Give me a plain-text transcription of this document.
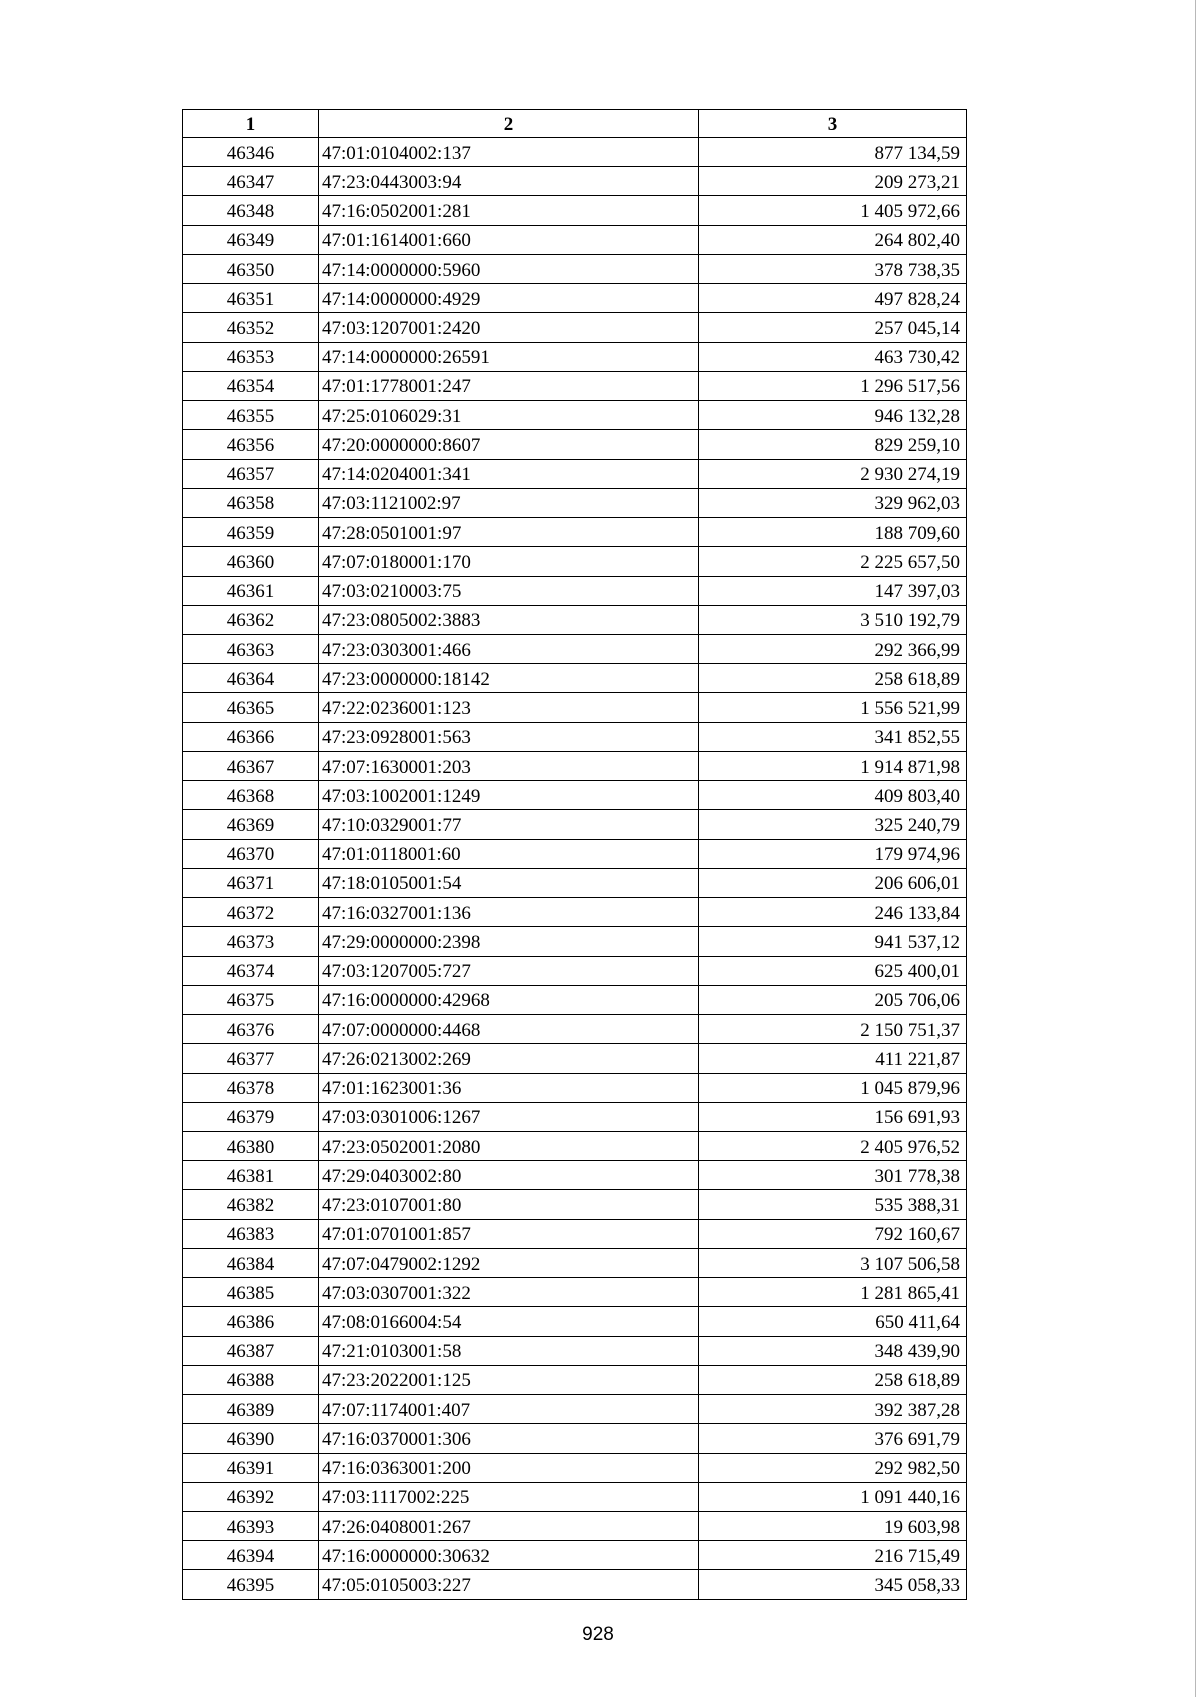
1	2	3
46346	47:01:0104002:137	877 134,59
46347	47:23:0443003:94	209 273,21
46348	47:16:0502001:281	1 405 972,66
46349	47:01:1614001:660	264 802,40
46350	47:14:0000000:5960	378 738,35
46351	47:14:0000000:4929	497 828,24
46352	47:03:1207001:2420	257 045,14
46353	47:14:0000000:26591	463 730,42
46354	47:01:1778001:247	1 296 517,56
46355	47:25:0106029:31	946 132,28
46356	47:20:0000000:8607	829 259,10
46357	47:14:0204001:341	2 930 274,19
46358	47:03:1121002:97	329 962,03
46359	47:28:0501001:97	188 709,60
46360	47:07:0180001:170	2 225 657,50
46361	47:03:0210003:75	147 397,03
46362	47:23:0805002:3883	3 510 192,79
46363	47:23:0303001:466	292 366,99
46364	47:23:0000000:18142	258 618,89
46365	47:22:0236001:123	1 556 521,99
46366	47:23:0928001:563	341 852,55
46367	47:07:1630001:203	1 914 871,98
46368	47:03:1002001:1249	409 803,40
46369	47:10:0329001:77	325 240,79
46370	47:01:0118001:60	179 974,96
46371	47:18:0105001:54	206 606,01
46372	47:16:0327001:136	246 133,84
46373	47:29:0000000:2398	941 537,12
46374	47:03:1207005:727	625 400,01
46375	47:16:0000000:42968	205 706,06
46376	47:07:0000000:4468	2 150 751,37
46377	47:26:0213002:269	411 221,87
46378	47:01:1623001:36	1 045 879,96
46379	47:03:0301006:1267	156 691,93
46380	47:23:0502001:2080	2 405 976,52
46381	47:29:0403002:80	301 778,38
46382	47:23:0107001:80	535 388,31
46383	47:01:0701001:857	792 160,67
46384	47:07:0479002:1292	3 107 506,58
46385	47:03:0307001:322	1 281 865,41
46386	47:08:0166004:54	650 411,64
46387	47:21:0103001:58	348 439,90
46388	47:23:2022001:125	258 618,89
46389	47:07:1174001:407	392 387,28
46390	47:16:0370001:306	376 691,79
46391	47:16:0363001:200	292 982,50
46392	47:03:1117002:225	1 091 440,16
46393	47:26:0408001:267	19 603,98
46394	47:16:0000000:30632	216 715,49
46395	47:05:0105003:227	345 058,33
928
